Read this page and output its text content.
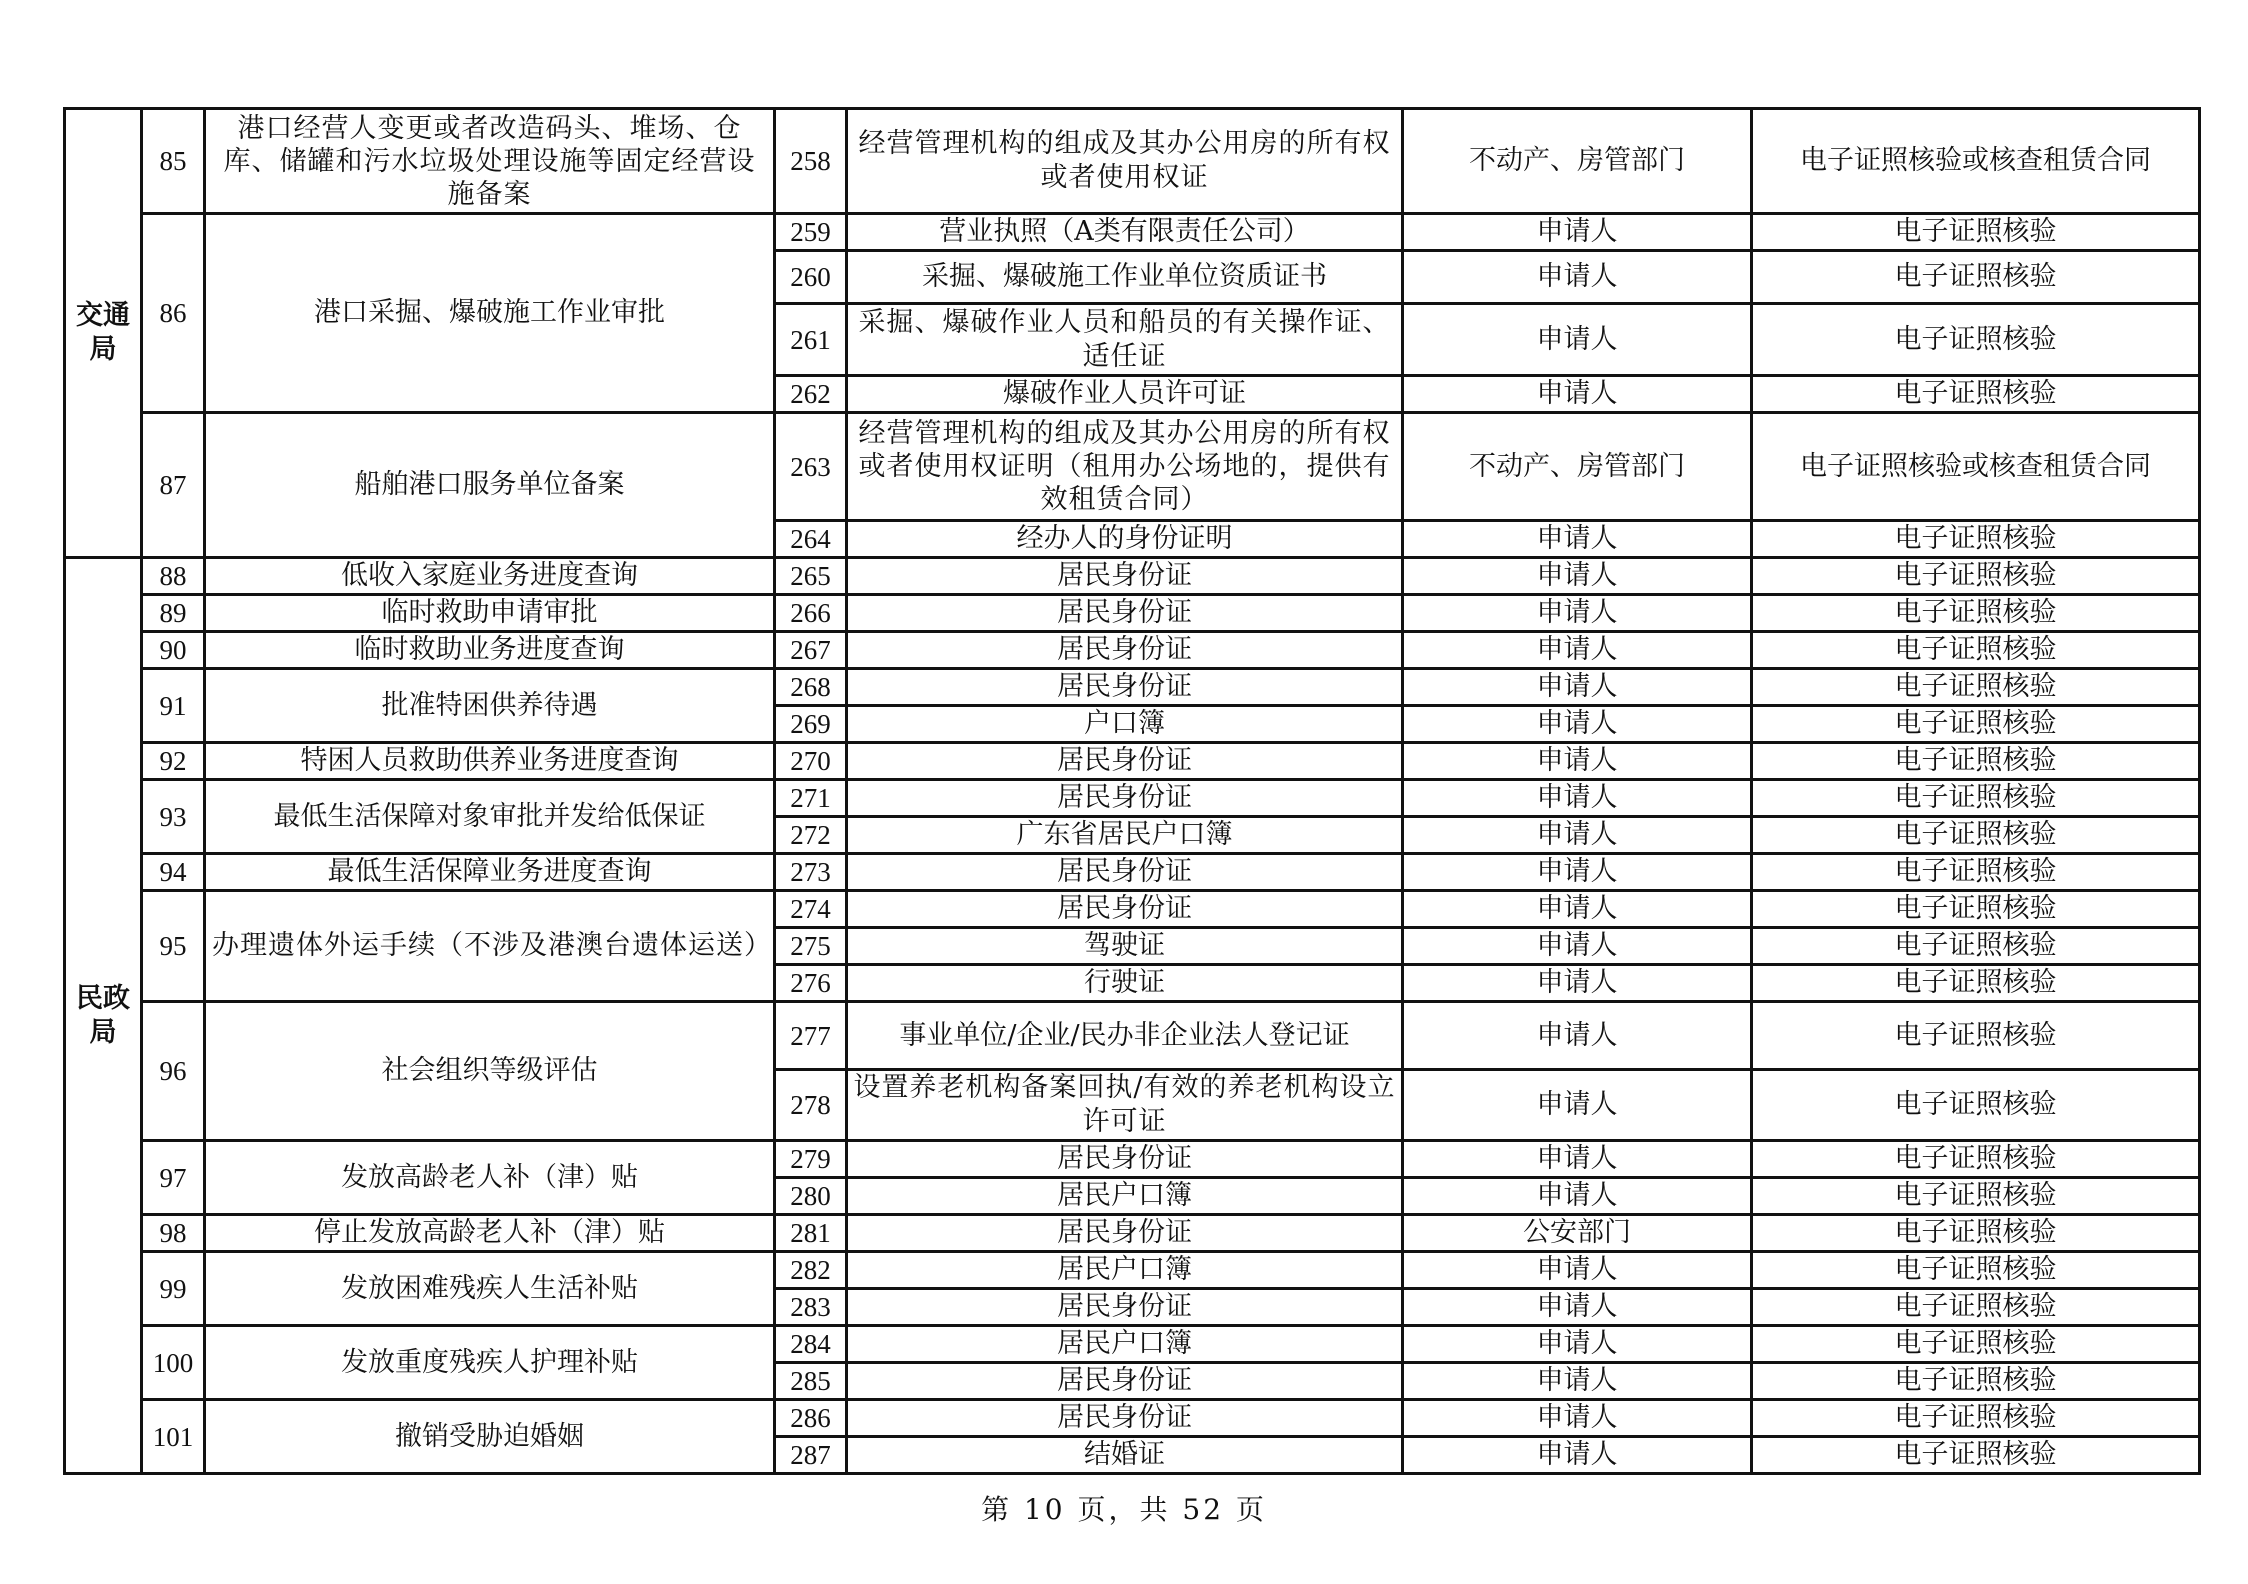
交通局	85	港口经营人变更或者改造码头、堆场、仓库、储罐和污水垃圾处理设施等固定经营设施备案	258	经营管理机构的组成及其办公用房的所有权或者使用权证	不动产、房管部门	电子证照核验或核查租赁合同
	86	港口采掘、爆破施工作业审批	259	营业执照（A类有限责任公司）	申请人	电子证照核验
			260	采掘、爆破施工作业单位资质证书	申请人	电子证照核验
			261	采掘、爆破作业人员和船员的有关操作证、适任证	申请人	电子证照核验
			262	爆破作业人员许可证	申请人	电子证照核验
	87	船舶港口服务单位备案	263	经营管理机构的组成及其办公用房的所有权或者使用权证明（租用办公场地的，提供有效租赁合同）	不动产、房管部门	电子证照核验或核查租赁合同
			264	经办人的身份证明	申请人	电子证照核验
民政局	88	低收入家庭业务进度查询	265	居民身份证	申请人	电子证照核验
	89	临时救助申请审批	266	居民身份证	申请人	电子证照核验
	90	临时救助业务进度查询	267	居民身份证	申请人	电子证照核验
	91	批准特困供养待遇	268	居民身份证	申请人	电子证照核验
			269	户口簿	申请人	电子证照核验
	92	特困人员救助供养业务进度查询	270	居民身份证	申请人	电子证照核验
	93	最低生活保障对象审批并发给低保证	271	居民身份证	申请人	电子证照核验
			272	广东省居民户口簿	申请人	电子证照核验
	94	最低生活保障业务进度查询	273	居民身份证	申请人	电子证照核验
	95	办理遗体外运手续（不涉及港澳台遗体运送）	274	居民身份证	申请人	电子证照核验
			275	驾驶证	申请人	电子证照核验
			276	行驶证	申请人	电子证照核验
	96	社会组织等级评估	277	事业单位/企业/民办非企业法人登记证	申请人	电子证照核验
			278	设置养老机构备案回执/有效的养老机构设立许可证	申请人	电子证照核验
	97	发放高龄老人补（津）贴	279	居民身份证	申请人	电子证照核验
			280	居民户口簿	申请人	电子证照核验
	98	停止发放高龄老人补（津）贴	281	居民身份证	公安部门	电子证照核验
	99	发放困难残疾人生活补贴	282	居民户口簿	申请人	电子证照核验
			283	居民身份证	申请人	电子证照核验
	100	发放重度残疾人护理补贴	284	居民户口簿	申请人	电子证照核验
			285	居民身份证	申请人	电子证照核验
	101	撤销受胁迫婚姻	286	居民身份证	申请人	电子证照核验
			287	结婚证	申请人	电子证照核验
第 10 页，共 52 页
